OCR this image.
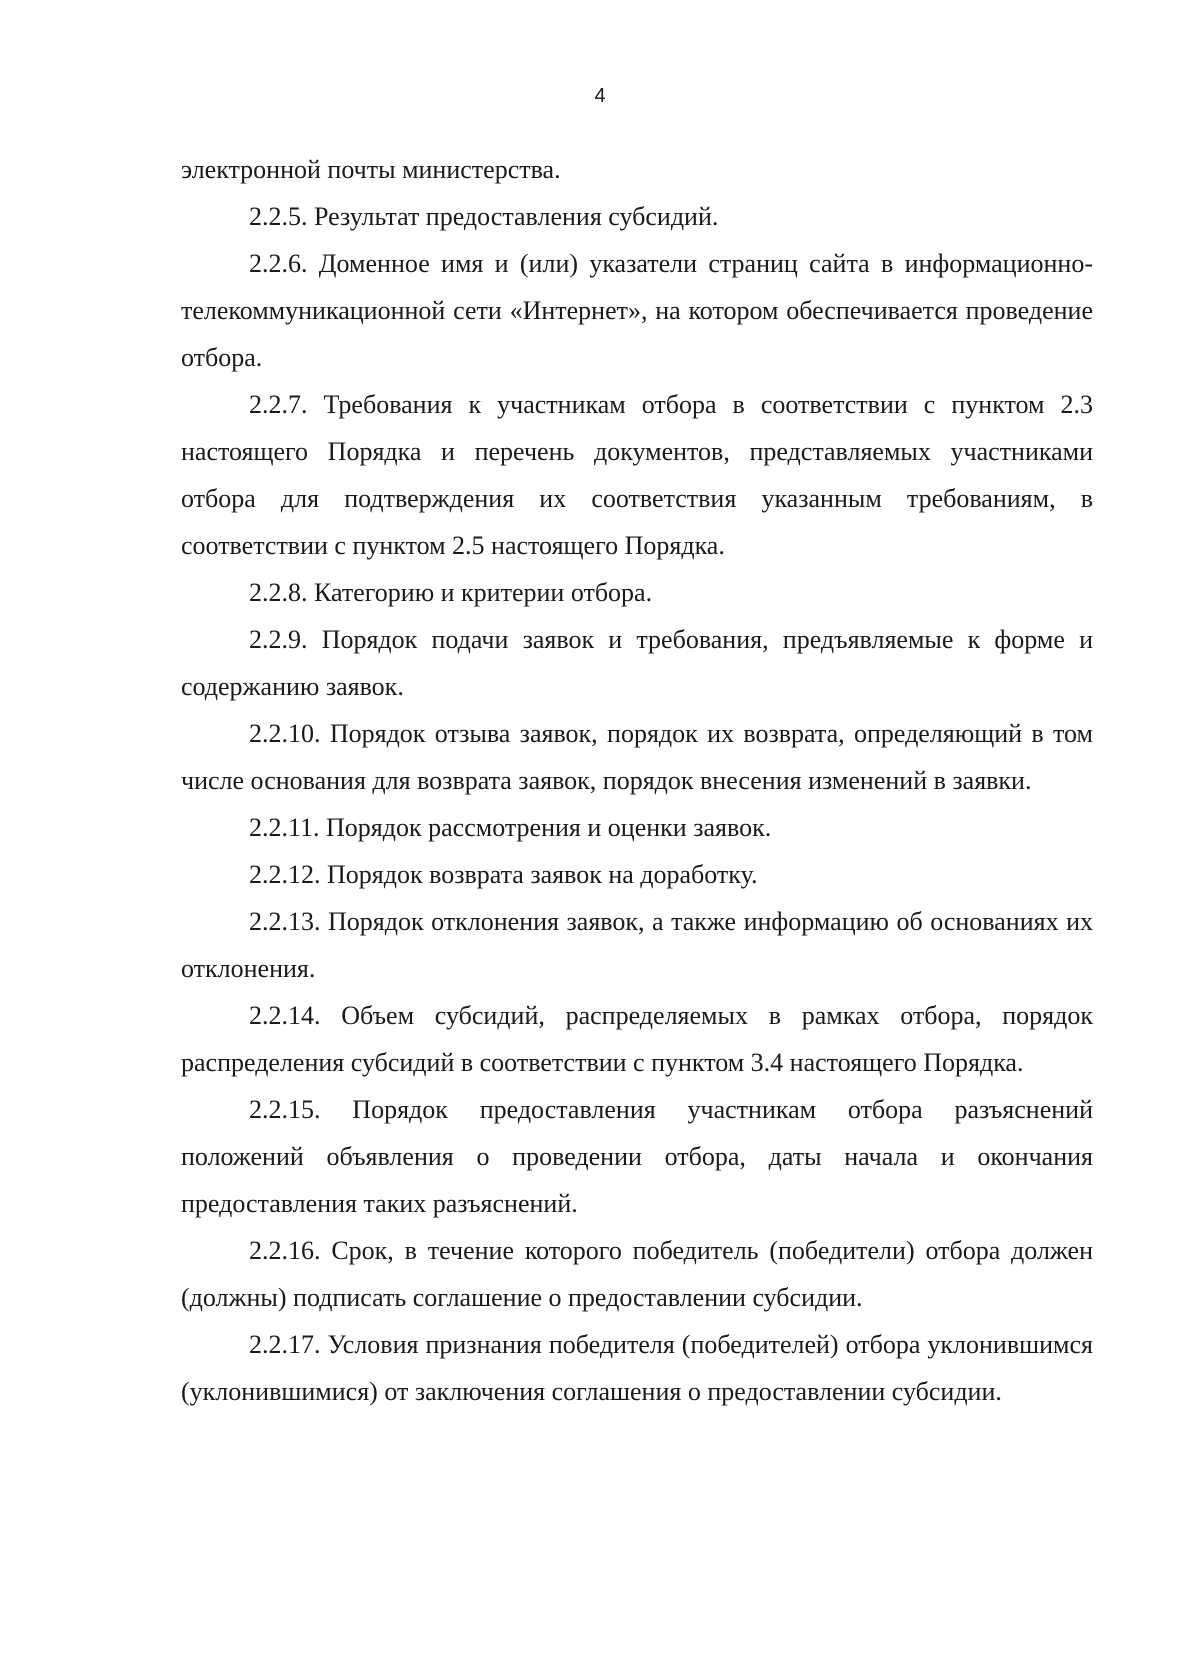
4

электронной почты министерства.

2.2.5. Результат предоставления субсидий.

2.2.6. Доменное имя и (или) указатели страниц сайта в информационно-телекоммуникационной сети «Интернет», на котором обеспечивается проведение отбора.

2.2.7. Требования к участникам отбора в соответствии с пунктом 2.3 настоящего Порядка и перечень документов, представляемых участниками отбора для подтверждения их соответствия указанным требованиям, в соответствии с пунктом 2.5 настоящего Порядка.

2.2.8. Категорию и критерии отбора.

2.2.9. Порядок подачи заявок и требования, предъявляемые к форме и содержанию заявок.

2.2.10. Порядок отзыва заявок, порядок их возврата, определяющий в том числе основания для возврата заявок, порядок внесения изменений в заявки.

2.2.11. Порядок рассмотрения и оценки заявок.

2.2.12. Порядок возврата заявок на доработку.

2.2.13. Порядок отклонения заявок, а также информацию об основаниях их отклонения.

2.2.14. Объем субсидий, распределяемых в рамках отбора, порядок распределения субсидий в соответствии с пунктом 3.4 настоящего Порядка.

2.2.15. Порядок предоставления участникам отбора разъяснений положений объявления о проведении отбора, даты начала и окончания предоставления таких разъяснений.

2.2.16. Срок, в течение которого победитель (победители) отбора должен (должны) подписать соглашение о предоставлении субсидии.

2.2.17. Условия признания победителя (победителей) отбора уклонившимся (уклонившимися) от заключения соглашения о предоставлении субсидии.
